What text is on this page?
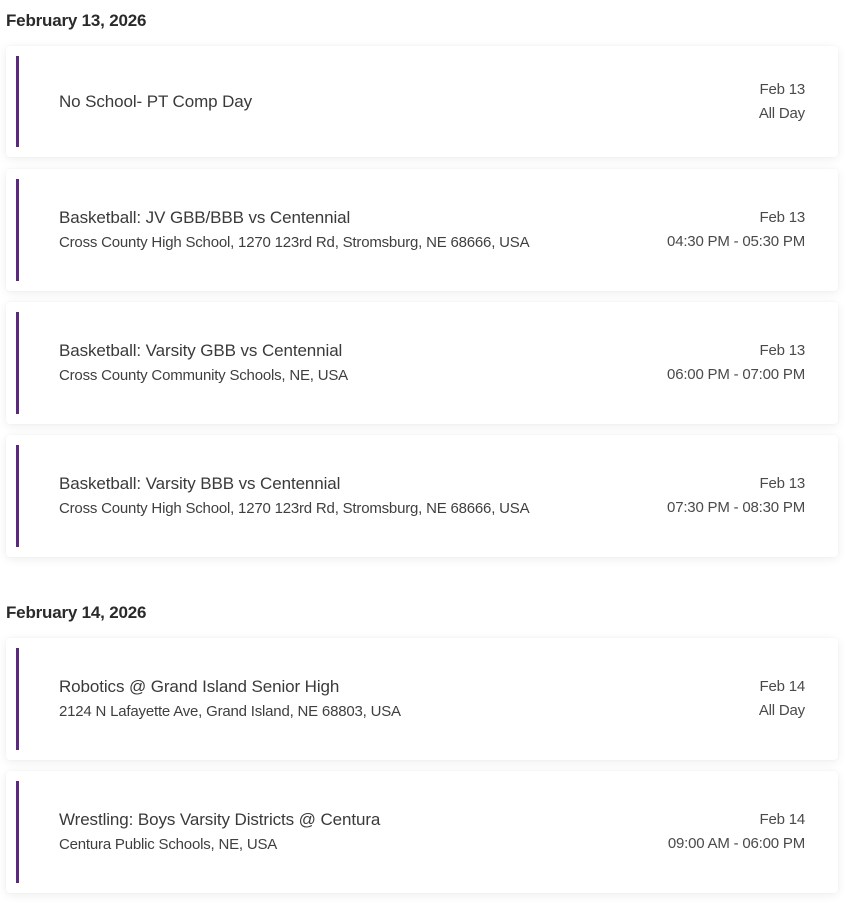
February 13, 2026
No School- PT Comp Day
Feb 13
All Day
Basketball: JV GBB/BBB vs Centennial
Cross County High School, 1270 123rd Rd, Stromsburg, NE 68666, USA
Feb 13
04:30 PM - 05:30 PM
Basketball: Varsity GBB vs Centennial
Cross County Community Schools, NE, USA
Feb 13
06:00 PM - 07:00 PM
Basketball: Varsity BBB vs Centennial
Cross County High School, 1270 123rd Rd, Stromsburg, NE 68666, USA
Feb 13
07:30 PM - 08:30 PM
February 14, 2026
Robotics @ Grand Island Senior High
2124 N Lafayette Ave, Grand Island, NE 68803, USA
Feb 14
All Day
Wrestling: Boys Varsity Districts @ Centura
Centura Public Schools, NE, USA
Feb 14
09:00 AM - 06:00 PM
